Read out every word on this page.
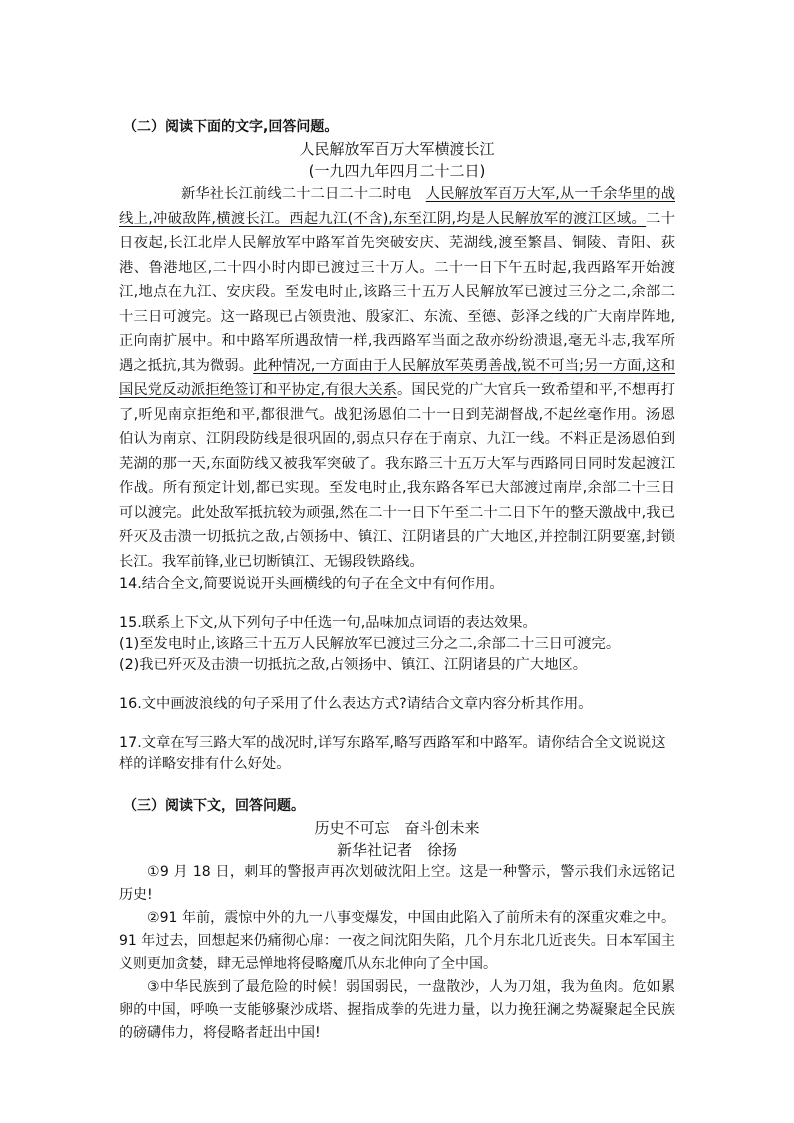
（二）阅读下面的文字,回答问题。
人民解放军百万大军横渡长江
(一九四九年四月二十二日)

新华社长江前线二十二日二十二时电　人民解放军百万大军,从一千余华里的战线上,冲破敌阵,横渡长江。西起九江(不含),东至江阴,均是人民解放军的渡江区域。二十日夜起,长江北岸人民解放军中路军首先突破安庆、芜湖线,渡至繁昌、铜陵、青阳、荻港、鲁港地区,二十四小时内即已渡过三十万人。二十一日下午五时起,我西路军开始渡江,地点在九江、安庆段。至发电时止,该路三十五万人民解放军已渡过三分之二,余部二十三日可渡完。这一路现已占领贵池、殷家汇、东流、至德、彭泽之线的广大南岸阵地,正向南扩展中。和中路军所遇敌情一样,我西路军当面之敌亦纷纷溃退,毫无斗志,我军所遇之抵抗,其为微弱。此种情况,一方面由于人民解放军英勇善战,锐不可当;另一方面,这和国民党反动派拒绝签订和平协定,有很大关系。国民党的广大官兵一致希望和平,不想再打了,听见南京拒绝和平,都很泄气。战犯汤恩伯二十一日到芜湖督战,不起丝毫作用。汤恩伯认为南京、江阴段防线是很巩固的,弱点只存在于南京、九江一线。不料正是汤恩伯到芜湖的那一天,东面防线又被我军突破了。我东路三十五万大军与西路同日同时发起渡江作战。所有预定计划,都已实现。至发电时止,我东路各军已大部渡过南岸,余部二十三日可以渡完。此处敌军抵抗较为顽强,然在二十一日下午至二十二日下午的整天激战中,我已歼灭及击溃一切抵抗之敌,占领扬中、镇江、江阴诸县的广大地区,并控制江阴要塞,封锁长江。我军前锋,业已切断镇江、无锡段铁路线。

14.结合全文,简要说说开头画横线的句子在全文中有何作用。

15.联系上下文,从下列句子中任选一句,品味加点词语的表达效果。

(1)至发电时止,该路三十五万人民解放军已渡过三分之二,余部二十三日可渡完。

(2)我已歼灭及击溃一切抵抗之敌,占领扬中、镇江、江阴诸县的广大地区。

16.文中画波浪线的句子采用了什么表达方式?请结合文章内容分析其作用。

17.文章在写三路大军的战况时,详写东路军,略写西路军和中路军。请你结合全文说说这样的详略安排有什么好处。

（三）阅读下文，回答问题。
历史不可忘　奋斗创未来
新华社记者　徐扬

①9 月 18 日，刺耳的警报声再次划破沈阳上空。这是一种警示，警示我们永远铭记历史!

②91 年前，震惊中外的九一八事变爆发，中国由此陷入了前所未有的深重灾难之中。91 年过去，回想起来仍痛彻心扉：一夜之间沈阳失陷，几个月东北几近丧失。日本军国主义则更加贪婪，肆无忌惮地将侵略魔爪从东北伸向了全中国。

③中华民族到了最危险的时候！弱国弱民，一盘散沙，人为刀俎，我为鱼肉。危如累卵的中国，呼唤一支能够聚沙成塔、握指成拳的先进力量，以力挽狂澜之势凝聚起全民族的磅礴伟力，将侵略者赶出中国!
